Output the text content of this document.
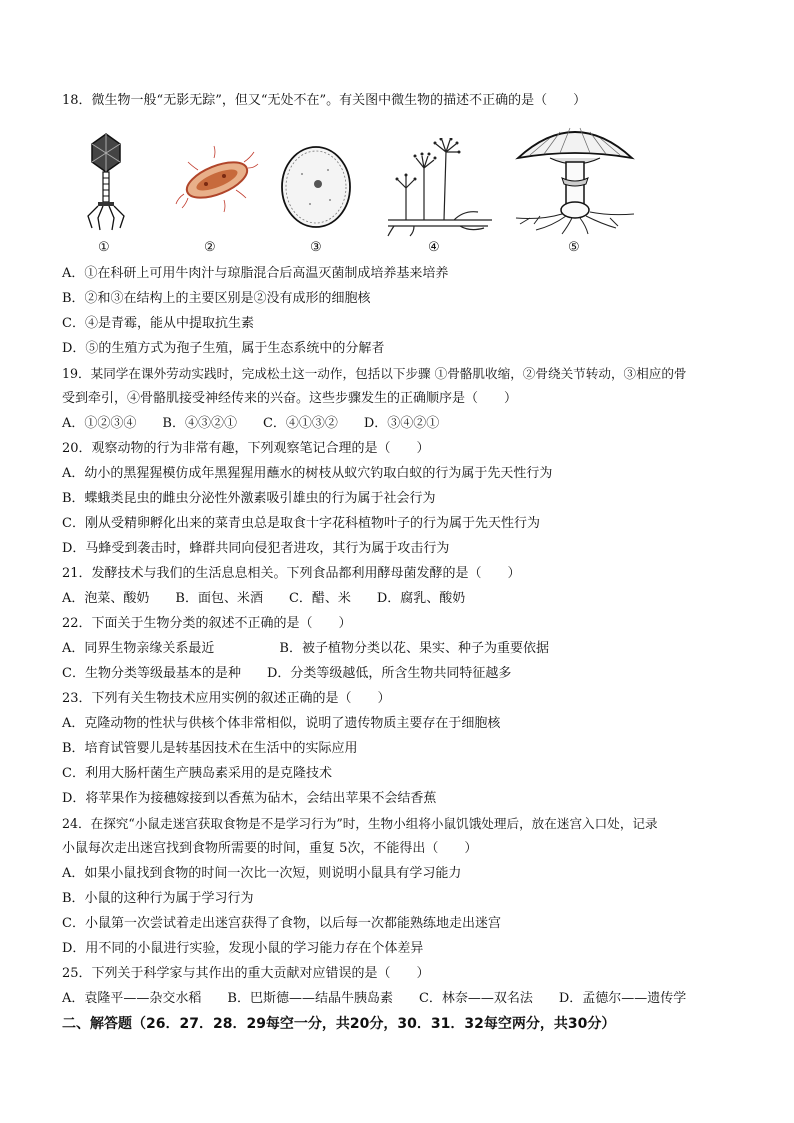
18．微生物一般“无影无踪”，但又“无处不在”。有关图中微生物的描述不正确的是（　　）
①	②	③	④	⑤
A．①在科研上可用牛肉汁与琼脂混合后高温灭菌制成培养基来培养
B．②和③在结构上的主要区别是②没有成形的细胞核
C．④是青霉，能从中提取抗生素
D．⑤的生殖方式为孢子生殖，属于生态系统中的分解者
19．某同学在课外劳动实践时，完成松土这一动作，包括以下步骤 ①骨骼肌收缩，②骨绕关节转动，③相应的骨
受到牵引，④骨骼肌接受神经传来的兴奋。这些步骤发生的正确顺序是（　　）
A．①②③④　　B．④③②①　　C．④①③②　　D．③④②①
20．观察动物的行为非常有趣，下列观察笔记合理的是（　　）
A．幼小的黑猩猩模仿成年黑猩猩用蘸水的树枝从蚁穴钓取白蚁的行为属于先天性行为
B．蝶蛾类昆虫的雌虫分泌性外激素吸引雄虫的行为属于社会行为
C．刚从受精卵孵化出来的菜青虫总是取食十字花科植物叶子的行为属于先天性行为
D．马蜂受到袭击时，蜂群共同向侵犯者进攻，其行为属于攻击行为
21．发酵技术与我们的生活息息相关。下列食品都利用酵母菌发酵的是（　　）
A．泡菜、酸奶　　B．面包、米酒　　C．醋、米　　D．腐乳、酸奶
22．下面关于生物分类的叙述不正确的是（　　）
A．同界生物亲缘关系最近　　　　　B．被子植物分类以花、果实、种子为重要依据
C．生物分类等级最基本的是种　　D．分类等级越低，所含生物共同特征越多
23．下列有关生物技术应用实例的叙述正确的是（　　）
A．克隆动物的性状与供核个体非常相似，说明了遗传物质主要存在于细胞核
B．培育试管婴儿是转基因技术在生活中的实际应用
C．利用大肠杆菌生产胰岛素采用的是克隆技术
D．将苹果作为接穗嫁接到以香蕉为砧木，会结出苹果不会结香蕉
24．在探究“小鼠走迷宫获取食物是不是学习行为”时，生物小组将小鼠饥饿处理后，放在迷宫入口处，记录
小鼠每次走出迷宫找到食物所需要的时间，重复 5次，不能得出（　　）
A．如果小鼠找到食物的时间一次比一次短，则说明小鼠具有学习能力
B．小鼠的这种行为属于学习行为
C．小鼠第一次尝试着走出迷宫获得了食物，以后每一次都能熟练地走出迷宫
D．用不同的小鼠进行实验，发现小鼠的学习能力存在个体差异
25．下列关于科学家与其作出的重大贡献对应错误的是（　　）
A．袁隆平——杂交水稻　　B．巴斯德——结晶牛胰岛素　　C．林奈——双名法　　D．孟德尔——遗传学
二、解答题（26．27．28．29每空一分，共20分，30．31．32每空两分，共30分）
